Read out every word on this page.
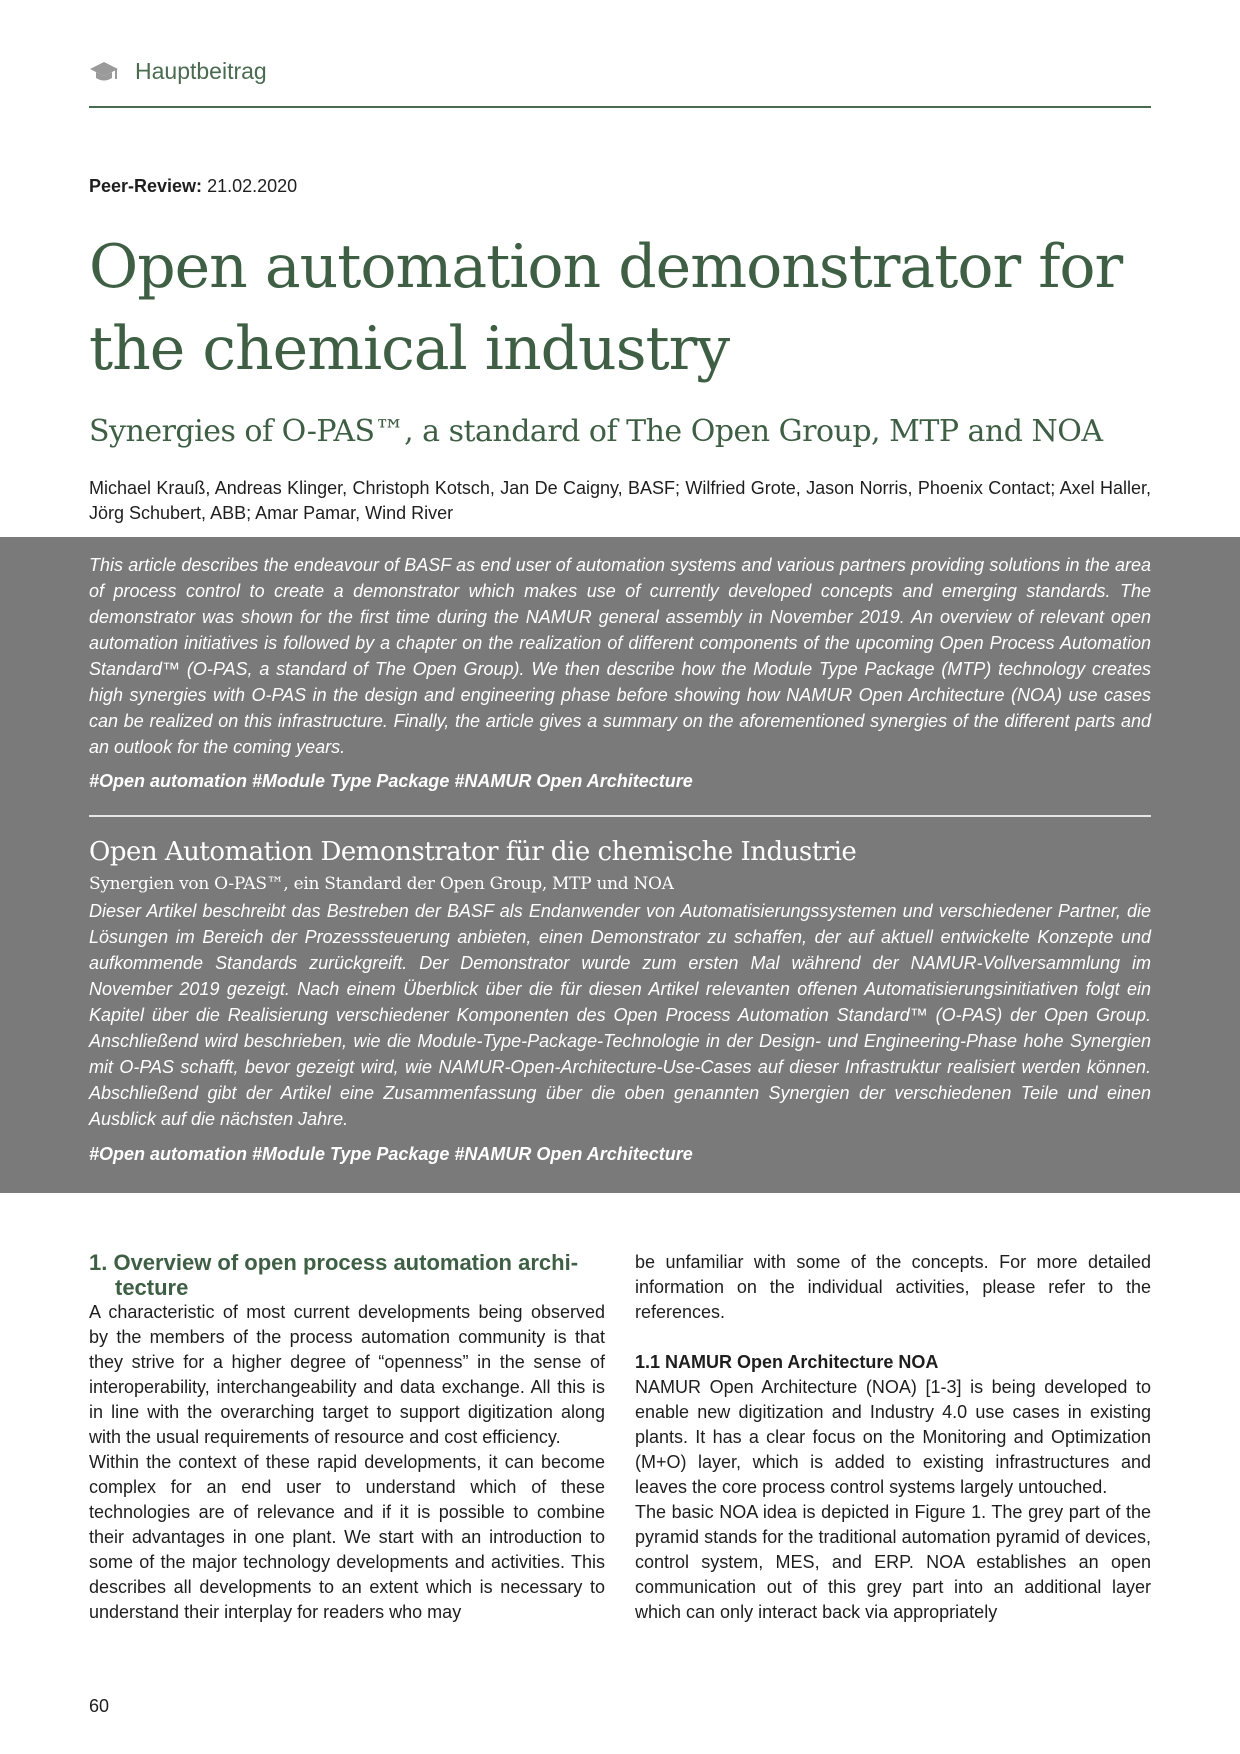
Hauptbeitrag
Peer-Review: 21.02.2020
Open automation demonstrator for
the chemical industry
Synergies of O-PAS™, a standard of The Open Group, MTP and NOA
Michael Krauß, Andreas Klinger, Christoph Kotsch, Jan De Caigny, BASF; Wilfried Grote, Jason Norris, Phoenix Contact; Axel Haller, Jörg Schubert, ABB; Amar Pamar, Wind River
This article describes the endeavour of BASF as end user of automation systems and various partners providing solutions in the area of process control to create a demonstrator which makes use of currently developed concepts and emerging standards. The demonstrator was shown for the first time during the NAMUR general assembly in November 2019. An overview of relevant open automation initiatives is followed by a chapter on the realization of different components of the upcoming Open Process Automation Standard™ (O-PAS, a standard of The Open Group). We then describe how the Module Type Package (MTP) technology creates high synergies with O-PAS in the design and engineering phase before showing how NAMUR Open Architecture (NOA) use cases can be realized on this infrastructure. Finally, the article gives a summary on the aforementioned synergies of the different parts and an outlook for the coming years.
#Open automation #Module Type Package #NAMUR Open Architecture
Open Automation Demonstrator für die chemische Industrie
Synergien von O-PAS™, ein Standard der Open Group, MTP und NOA
Dieser Artikel beschreibt das Bestreben der BASF als Endanwender von Automatisierungssystemen und verschiedener Partner, die Lösungen im Bereich der Prozesssteuerung anbieten, einen Demonstrator zu schaffen, der auf aktuell entwickelte Konzepte und aufkommende Standards zurückgreift. Der Demonstrator wurde zum ersten Mal während der NAMUR-Vollversammlung im November 2019 gezeigt. Nach einem Überblick über die für diesen Artikel relevanten offenen Automatisierungsinitiativen folgt ein Kapitel über die Realisierung verschiedener Komponenten des Open Process Automation Standard™ (O-PAS) der Open Group. Anschließend wird beschrieben, wie die Module-Type-Package-Technologie in der Design- und Engineering-Phase hohe Synergien mit O-PAS schafft, bevor gezeigt wird, wie NAMUR-Open-Architecture-Use-Cases auf dieser Infrastruktur realisiert werden können. Abschließend gibt der Artikel eine Zusammenfassung über die oben genannten Synergien der verschiedenen Teile und einen Ausblick auf die nächsten Jahre.
#Open automation #Module Type Package #NAMUR Open Architecture

1. Overview of open process automation architecture

A characteristic of most current developments being observed by the members of the process automation community is that they strive for a higher degree of “openness” in the sense of interoperability, interchangeability and data exchange. All this is in line with the overarching target to support digitization along with the usual requirements of resource and cost efficiency.

Within the context of these rapid developments, it can become complex for an end user to understand which of these technologies are of relevance and if it is possible to combine their advantages in one plant. We start with an introduction to some of the major technology developments and activities. This describes all developments to an extent which is necessary to understand their interplay for readers who may

be unfamiliar with some of the concepts. For more detailed information on the individual activities, please refer to the references.

1.1 NAMUR Open Architecture NOA

NAMUR Open Architecture (NOA) [1-3] is being developed to enable new digitization and Industry 4.0 use cases in existing plants. It has a clear focus on the Monitoring and Optimization (M+O) layer, which is added to existing infrastructures and leaves the core process control systems largely untouched.

The basic NOA idea is depicted in Figure 1. The grey part of the pyramid stands for the traditional automation pyramid of devices, control system, MES, and ERP. NOA establishes an open communication out of this grey part into an additional layer which can only interact back via appropriately

60
